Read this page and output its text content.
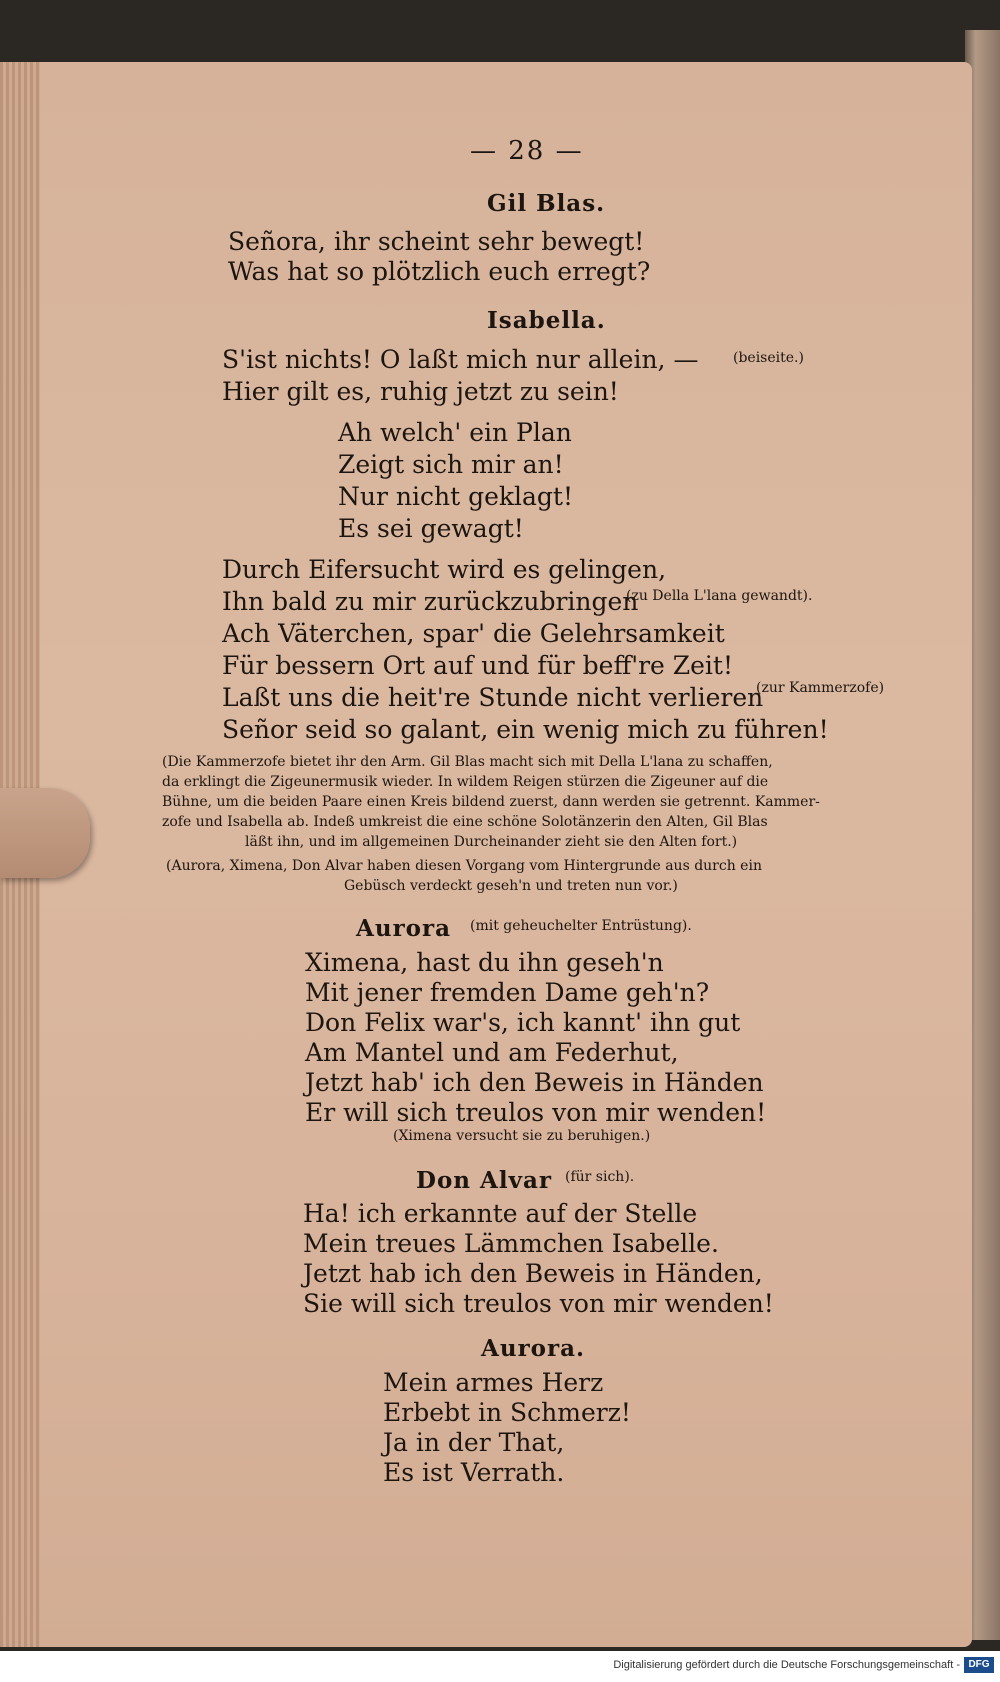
— 28 —
Gil Blas.
Señora, ihr scheint sehr bewegt!
Was hat so plötzlich euch erregt?
Isabella.
S'ist nichts! O laßt mich nur allein, — (beiseite.)
Hier gilt es, ruhig jetzt zu sein!
Ah welch' ein Plan
Zeigt sich mir an!
Nur nicht geklagt!
Es sei gewagt!
Durch Eifersucht wird es gelingen,
Ihn bald zu mir zurückzubringen
(zu Della L'lana gewandt).
Ach Väterchen, spar' die Gelehrsamkeit
Für bessern Ort auf und für beff're Zeit!
Laßt uns die heit're Stunde nicht verlieren
(zur Kammerzofe)
Señor seid so galant, ein wenig mich zu führen!
(Die Kammerzofe bietet ihr den Arm. Gil Blas macht sich mit Della L'lana zu schaffen,
da erklingt die Zigeunermusik wieder. In wildem Reigen stürzen die Zigeuner auf die
Bühne, um die beiden Paare einen Kreis bildend zuerst, dann werden sie getrennt. Kammer-
zofe und Isabella ab. Indeß umkreist die eine schöne Solotänzerin den Alten, Gil Blas
läßt ihn, und im allgemeinen Durcheinander zieht sie den Alten fort.)
(Aurora, Ximena, Don Alvar haben diesen Vorgang vom Hintergrunde aus durch ein
Gebüsch verdeckt geseh'n und treten nun vor.)
Aurora (mit geheuchelter Entrüstung).
Ximena, hast du ihn geseh'n
Mit jener fremden Dame geh'n?
Don Felix war's, ich kannt' ihn gut
Am Mantel und am Federhut,
Jetzt hab' ich den Beweis in Händen
Er will sich treulos von mir wenden!
(Ximena versucht sie zu beruhigen.)
Don Alvar (für sich).
Ha! ich erkannte auf der Stelle
Mein treues Lämmchen Isabelle.
Jetzt hab ich den Beweis in Händen,
Sie will sich treulos von mir wenden!
Aurora.
Mein armes Herz
Erbebt in Schmerz!
Ja in der That,
Es ist Verrath.
Digitalisierung gefördert durch die Deutsche Forschungsgemeinschaft - DFG
